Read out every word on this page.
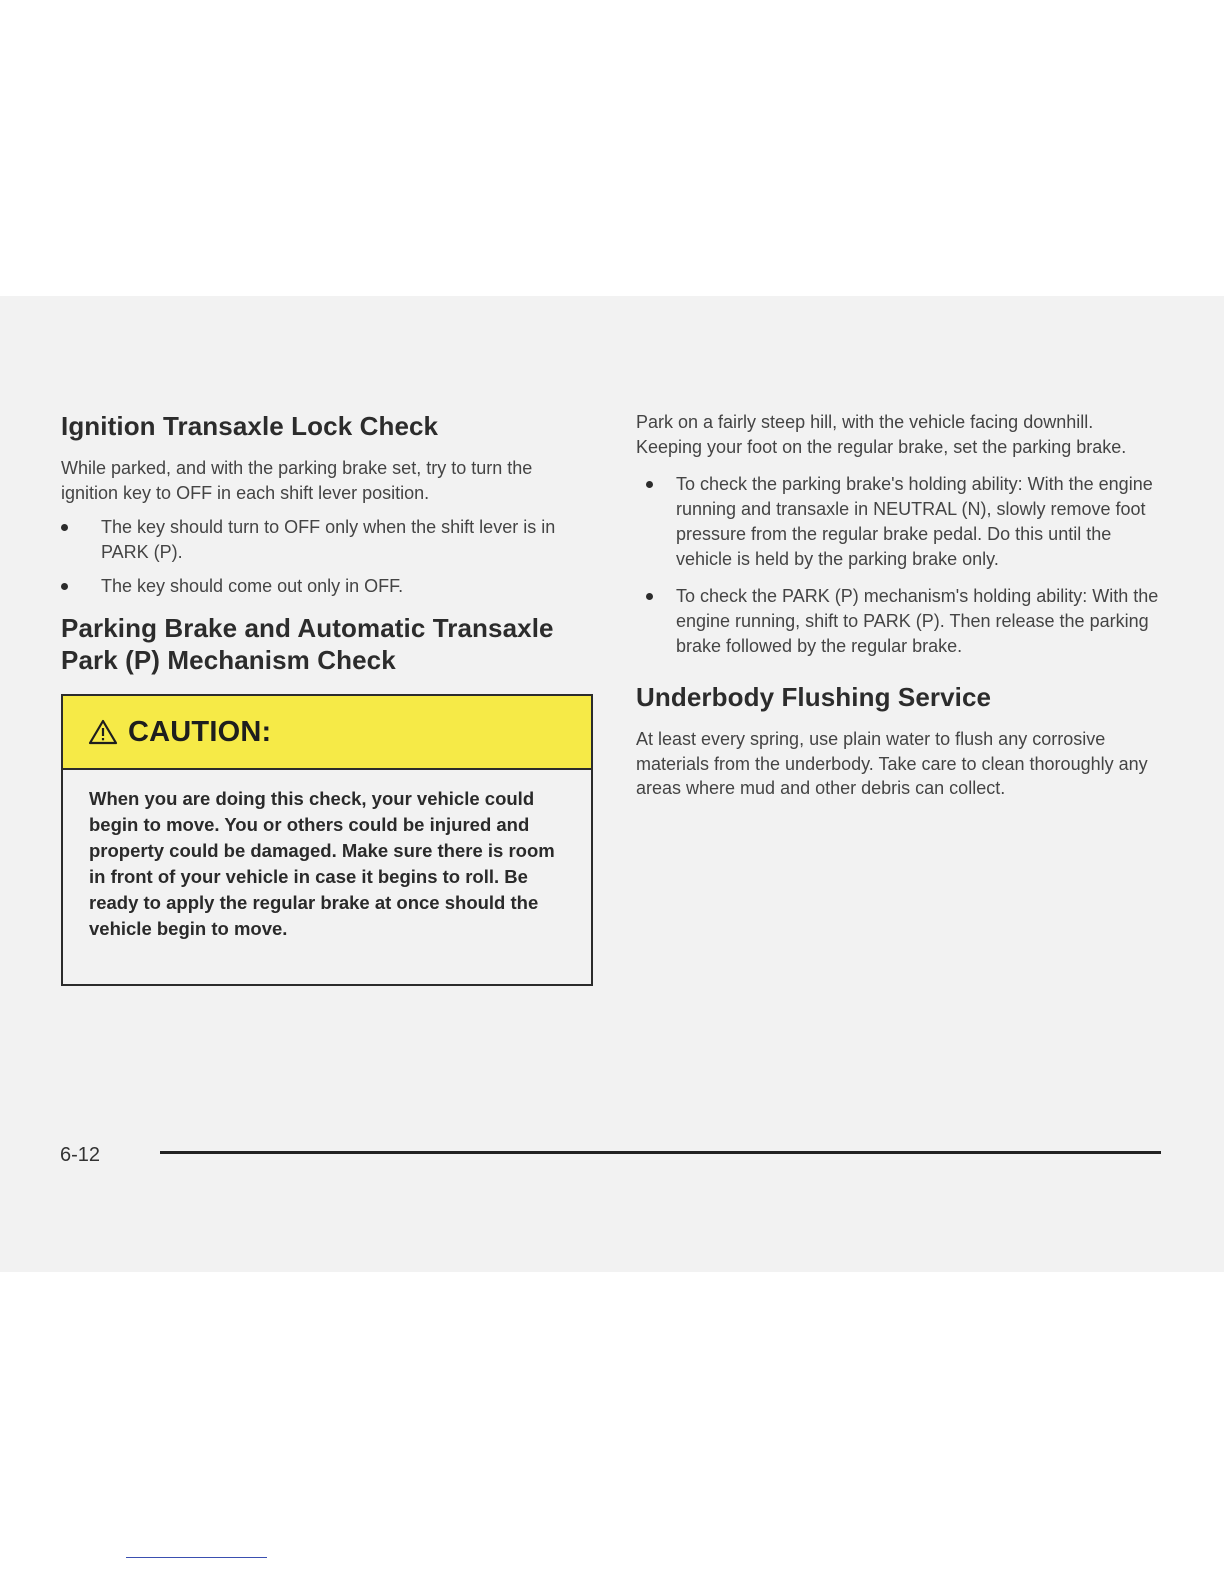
Ignition Transaxle Lock Check

While parked, and with the parking brake set, try to turn the ignition key to OFF in each shift lever position.

The key should turn to OFF only when the shift lever is in PARK (P).
The key should come out only in OFF.
Parking Brake and Automatic Transaxle
Park (P) Mechanism Check
CAUTION:
When you are doing this check, your vehicle could begin to move. You or others could be injured and property could be damaged. Make sure there is room in front of your vehicle in case it begins to roll. Be ready to apply the regular brake at once should the vehicle begin to move.

Park on a fairly steep hill, with the vehicle facing downhill. Keeping your foot on the regular brake, set the parking brake.

To check the parking brake's holding ability: With the engine running and transaxle in NEUTRAL (N), slowly remove foot pressure from the regular brake pedal. Do this until the vehicle is held by the parking brake only.
To check the PARK (P) mechanism's holding ability: With the engine running, shift to PARK (P). Then release the parking brake followed by the regular brake.
Underbody Flushing Service

At least every spring, use plain water to flush any corrosive materials from the underbody. Take care to clean thoroughly any areas where mud and other debris can collect.

6-12
